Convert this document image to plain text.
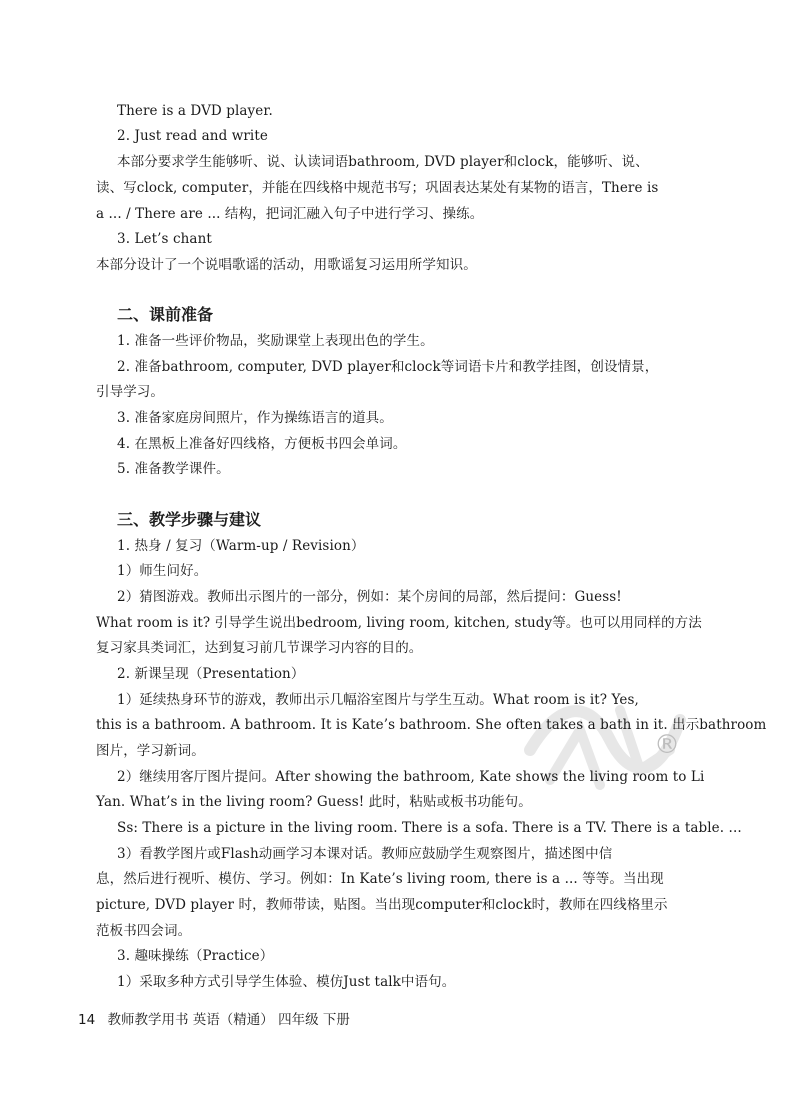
There is a DVD player.
2. Just read and write
本部分要求学生能够听、说、认读词语bathroom, DVD player和clock，能够听、说、
读、写clock, computer，并能在四线格中规范书写；巩固表达某处有某物的语言，There is
a ... / There are ... 结构，把词汇融入句子中进行学习、操练。
3. Let’s chant
本部分设计了一个说唱歌谣的活动，用歌谣复习运用所学知识。
二、课前准备
1. 准备一些评价物品，奖励课堂上表现出色的学生。
2. 准备bathroom, computer, DVD player和clock等词语卡片和教学挂图，创设情景，
引导学习。
3. 准备家庭房间照片，作为操练语言的道具。
4. 在黑板上准备好四线格，方便板书四会单词。
5. 准备教学课件。
三、教学步骤与建议
1. 热身 / 复习（Warm-up / Revision）
1）师生问好。
2）猜图游戏。教师出示图片的一部分，例如：某个房间的局部，然后提问：Guess!
What room is it? 引导学生说出bedroom, living room, kitchen, study等。也可以用同样的方法
复习家具类词汇，达到复习前几节课学习内容的目的。
2. 新课呈现（Presentation）
1）延续热身环节的游戏，教师出示几幅浴室图片与学生互动。What room is it? Yes,
this is a bathroom. A bathroom. It is Kate’s bathroom. She often takes a bath in it. 出示bathroom
图片，学习新词。
2）继续用客厅图片提问。After showing the bathroom, Kate shows the living room to Li
Yan. What’s in the living room? Guess! 此时，粘贴或板书功能句。
Ss: There is a picture in the living room. There is a sofa. There is a TV. There is a table. ...
3）看教学图片或Flash动画学习本课对话。教师应鼓励学生观察图片，描述图中信
息，然后进行视听、模仿、学习。例如：In Kate’s living room, there is a ... 等等。当出现
picture, DVD player 时，教师带读，贴图。当出现computer和clock时，教师在四线格里示
范板书四会词。
3. 趣味操练（Practice）
1）采取多种方式引导学生体验、模仿Just talk中语句。
®
14 教师教学用书 英语（精通） 四年级 下册
